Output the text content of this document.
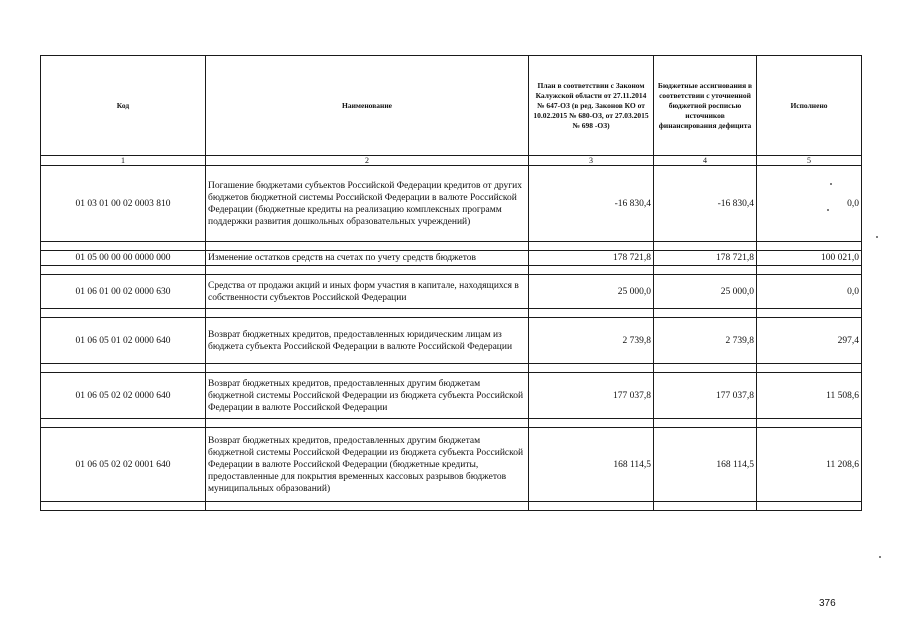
Код	Наименование	План в соответствии с Законом Калужской области от 27.11.2014 № 647-ОЗ (в ред. Законов КО от 10.02.2015 № 680-ОЗ, от 27.03.2015 № 698 -ОЗ)	Бюджетные ассигнования в соответствии с уточненной бюджетной росписью источников финансирования дефицита	Исполнено
1	2	3	4	5
01 03 01 00 02 0003 810	Погашение бюджетами субъектов Российской Федерации кредитов от других бюджетов бюджетной системы Российской Федерации в валюте Российской Федерации (бюджетные кредиты на реализацию комплексных программ поддержки развития дошкольных образовательных учреждений)	-16 830,4	-16 830,4	0,0

01 05 00 00 00 0000 000	Изменение остатков средств на счетах по учету средств бюджетов	178 721,8	178 721,8	100 021,0

01 06 01 00 02 0000 630	Средства от продажи акций и иных форм участия в капитале, находящихся в собственности субъектов Российской Федерации	25 000,0	25 000,0	0,0

01 06 05 01 02 0000 640	Возврат бюджетных кредитов, предоставленных юридическим лицам из бюджета субъекта Российской Федерации в валюте Российской Федерации	2 739,8	2 739,8	297,4

01 06 05 02 02 0000 640	Возврат бюджетных кредитов, предоставленных другим бюджетам бюджетной системы Российской Федерации из бюджета субъекта Российской Федерации в валюте Российской Федерации	177 037,8	177 037,8	11 508,6

01 06 05 02 02 0001 640	Возврат бюджетных кредитов, предоставленных другим бюджетам бюджетной системы Российской Федерации из бюджета субъекта Российской Федерации в валюте Российской Федерации (бюджетные кредиты, предоставленные для покрытия временных кассовых разрывов бюджетов муниципальных образований)	168 114,5	168 114,5	11 208,6

376
